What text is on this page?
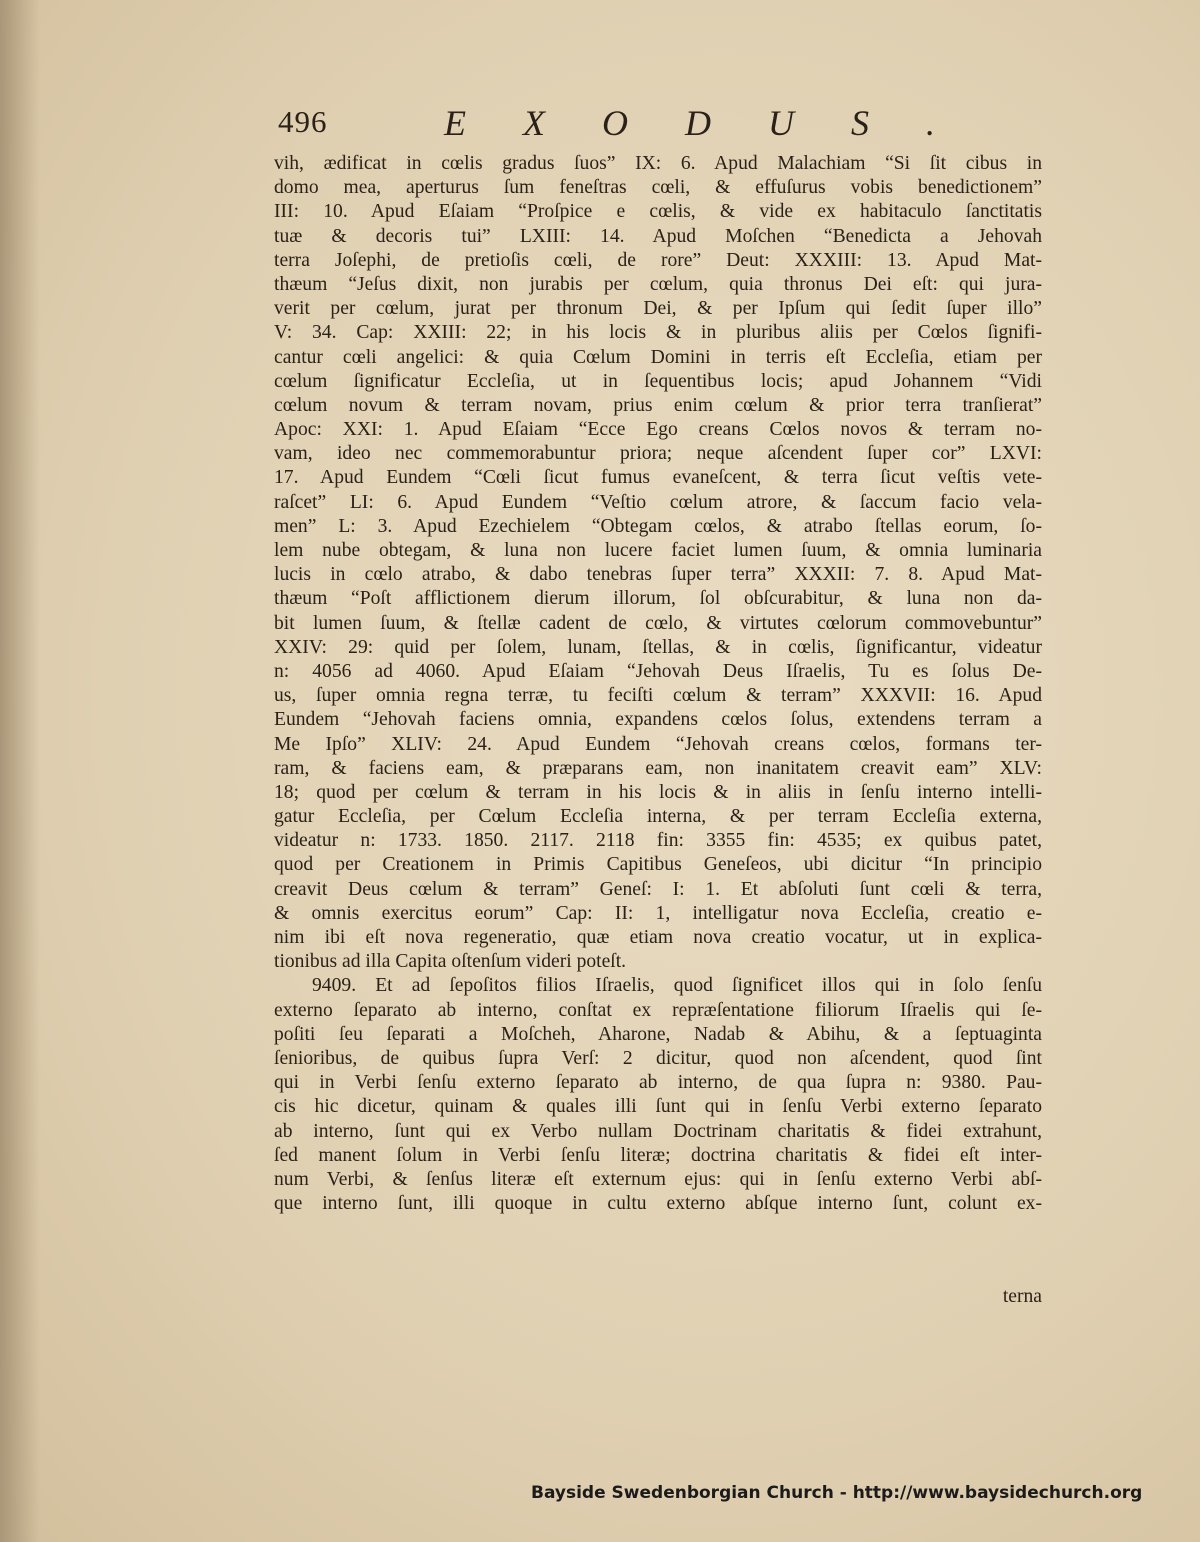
496	EXODUS.
vih, ædificat in cœlis gradus ſuos” IX: 6. Apud Malachiam “Si ſit cibus in
domo mea, aperturus ſum feneſtras cœli, & effuſurus vobis benedictionem”
III: 10. Apud Eſaiam “Proſpice e cœlis, & vide ex habitaculo ſanctitatis
tuæ & decoris tui” LXIII: 14. Apud Moſchen “Benedicta a Jehovah
terra Joſephi, de pretioſis cœli, de rore” Deut: XXXIII: 13. Apud Mat-
thæum “Jeſus dixit, non jurabis per cœlum, quia thronus Dei eſt: qui jura-
verit per cœlum, jurat per thronum Dei, & per Ipſum qui ſedit ſuper illo”
V: 34. Cap: XXIII: 22; in his locis & in pluribus aliis per Cœlos ſignifi-
cantur cœli angelici: & quia Cœlum Domini in terris eſt Eccleſia, etiam per
cœlum ſignificatur Eccleſia, ut in ſequentibus locis; apud Johannem “Vidi
cœlum novum & terram novam, prius enim cœlum & prior terra tranſierat”
Apoc: XXI: 1. Apud Eſaiam “Ecce Ego creans Cœlos novos & terram no-
vam, ideo nec commemorabuntur priora; neque aſcendent ſuper cor” LXVI:
17. Apud Eundem “Cœli ſicut fumus evaneſcent, & terra ſicut veſtis vete-
raſcet” LI: 6. Apud Eundem “Veſtio cœlum atrore, & ſaccum facio vela-
men” L: 3. Apud Ezechielem “Obtegam cœlos, & atrabo ſtellas eorum, ſo-
lem nube obtegam, & luna non lucere faciet lumen ſuum, & omnia luminaria
lucis in cœlo atrabo, & dabo tenebras ſuper terra” XXXII: 7. 8. Apud Mat-
thæum “Poſt afflictionem dierum illorum, ſol obſcurabitur, & luna non da-
bit lumen ſuum, & ſtellæ cadent de cœlo, & virtutes cœlorum commovebuntur”
XXIV: 29: quid per ſolem, lunam, ſtellas, & in cœlis, ſignificantur, videatur
n: 4056 ad 4060. Apud Eſaiam “Jehovah Deus Iſraelis, Tu es ſolus De-
us, ſuper omnia regna terræ, tu feciſti cœlum & terram” XXXVII: 16. Apud
Eundem “Jehovah faciens omnia, expandens cœlos ſolus, extendens terram a
Me Ipſo” XLIV: 24. Apud Eundem “Jehovah creans cœlos, formans ter-
ram, & faciens eam, & præparans eam, non inanitatem creavit eam” XLV:
18; quod per cœlum & terram in his locis & in aliis in ſenſu interno intelli-
gatur Eccleſia, per Cœlum Eccleſia interna, & per terram Eccleſia externa,
videatur n: 1733. 1850. 2117. 2118 fin: 3355 fin: 4535; ex quibus patet,
quod per Creationem in Primis Capitibus Geneſeos, ubi dicitur “In principio
creavit Deus cœlum & terram” Geneſ: I: 1. Et abſoluti ſunt cœli & terra,
& omnis exercitus eorum” Cap: II: 1, intelligatur nova Eccleſia, creatio e-
nim ibi eſt nova regeneratio, quæ etiam nova creatio vocatur, ut in explica-
tionibus ad illa Capita oſtenſum videri poteſt.
9409. Et ad ſepoſitos filios Iſraelis, quod ſignificet illos qui in ſolo ſenſu
externo ſeparato ab interno, conſtat ex repræſentatione filiorum Iſraelis qui ſe-
poſiti ſeu ſeparati a Moſcheh, Aharone, Nadab & Abihu, & a ſeptuaginta
ſenioribus, de quibus ſupra Verſ: 2 dicitur, quod non aſcendent, quod ſint
qui in Verbi ſenſu externo ſeparato ab interno, de qua ſupra n: 9380. Pau-
cis hic dicetur, quinam & quales illi ſunt qui in ſenſu Verbi externo ſeparato
ab interno, ſunt qui ex Verbo nullam Doctrinam charitatis & fidei extrahunt,
ſed manent ſolum in Verbi ſenſu literæ; doctrina charitatis & fidei eſt inter-
num Verbi, & ſenſus literæ eſt externum ejus: qui in ſenſu externo Verbi abſ-
que interno ſunt, illi quoque in cultu externo abſque interno ſunt, colunt ex-
terna
Bayside Swedenborgian Church - http://www.baysidechurch.org
